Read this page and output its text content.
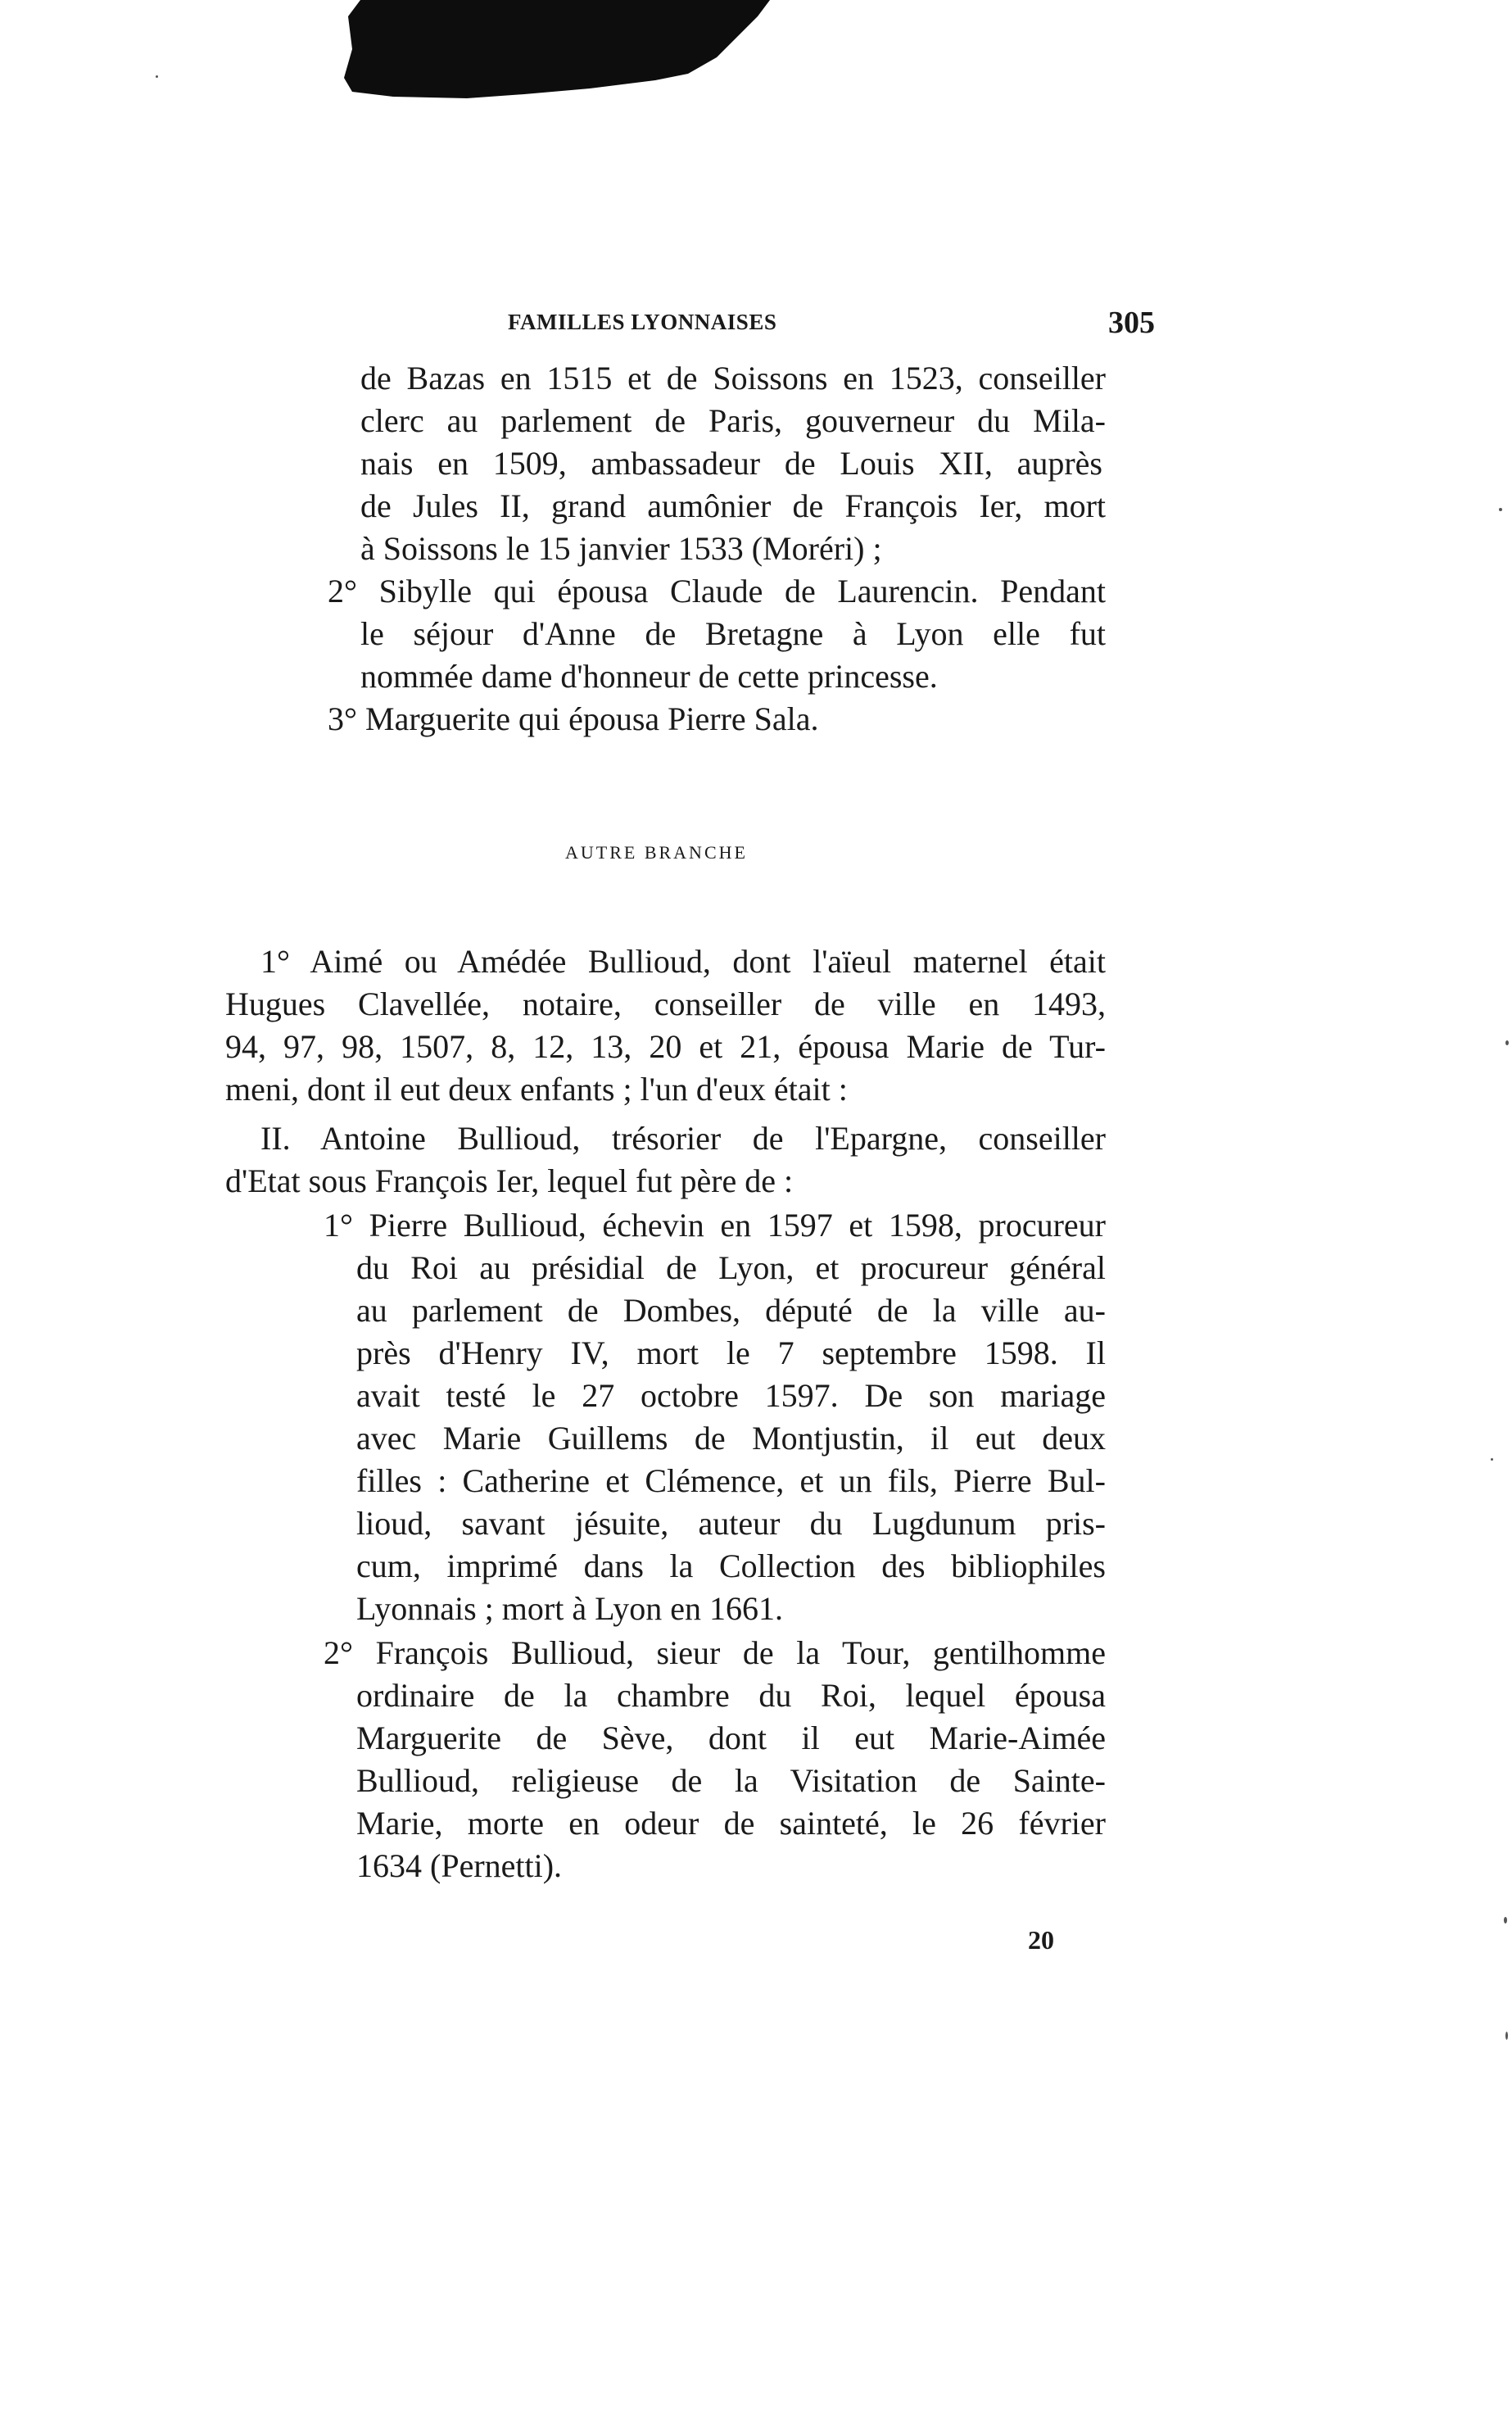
FAMILLES LYONNAISES	305
de Bazas en 1515 et de Soissons en 1523, conseiller
clerc au parlement de Paris, gouverneur du Mila-
nais en 1509, ambassadeur de Louis XII, auprès
de Jules II, grand aumônier de François Ier, mort
à Soissons le 15 janvier 1533 (Moréri) ;
2° Sibylle qui épousa Claude de Laurencin. Pendant
le séjour d'Anne de Bretagne à Lyon elle fut
nommée dame d'honneur de cette princesse.
3° Marguerite qui épousa Pierre Sala.
AUTRE BRANCHE
1° Aimé ou Amédée Bullioud, dont l'aïeul maternel était
Hugues Clavellée, notaire, conseiller de ville en 1493,
94, 97, 98, 1507, 8, 12, 13, 20 et 21, épousa Marie de Tur-
meni, dont il eut deux enfants ; l'un d'eux était :
II. Antoine Bullioud, trésorier de l'Epargne, conseiller
d'Etat sous François Ier, lequel fut père de :
1° Pierre Bullioud, échevin en 1597 et 1598, procureur
du Roi au présidial de Lyon, et procureur général
au parlement de Dombes, député de la ville au-
près d'Henry IV, mort le 7 septembre 1598. Il
avait testé le 27 octobre 1597. De son mariage
avec Marie Guillems de Montjustin, il eut deux
filles : Catherine et Clémence, et un fils, Pierre Bul-
lioud, savant jésuite, auteur du Lugdunum pris-
cum, imprimé dans la Collection des bibliophiles
Lyonnais ; mort à Lyon en 1661.
2° François Bullioud, sieur de la Tour, gentilhomme
ordinaire de la chambre du Roi, lequel épousa
Marguerite de Sève, dont il eut Marie-Aimée
Bullioud, religieuse de la Visitation de Sainte-
Marie, morte en odeur de sainteté, le 26 février
1634 (Pernetti).
20
